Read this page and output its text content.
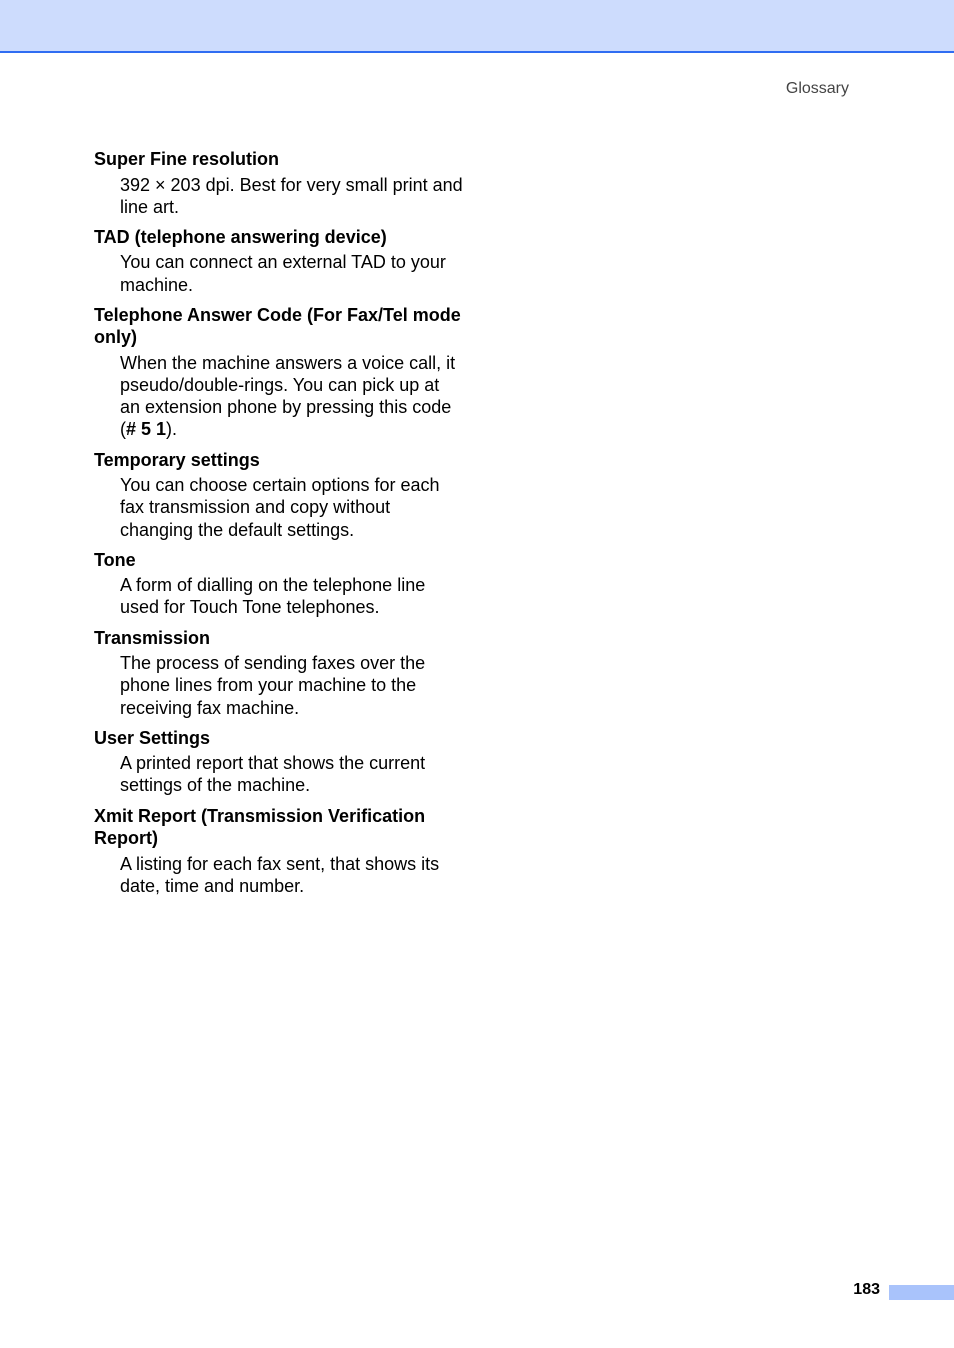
Glossary
Super Fine resolution
392 × 203 dpi. Best for very small print and line art.
TAD (telephone answering device)
You can connect an external TAD to your machine.
Telephone Answer Code (For Fax/Tel mode only)
When the machine answers a voice call, it pseudo/double-rings. You can pick up at an extension phone by pressing this code (# 5 1).
Temporary settings
You can choose certain options for each fax transmission and copy without changing the default settings.
Tone
A form of dialling on the telephone line used for Touch Tone telephones.
Transmission
The process of sending faxes over the phone lines from your machine to the receiving fax machine.
User Settings
A printed report that shows the current settings of the machine.
Xmit Report (Transmission Verification Report)
A listing for each fax sent, that shows its date, time and number.
183
